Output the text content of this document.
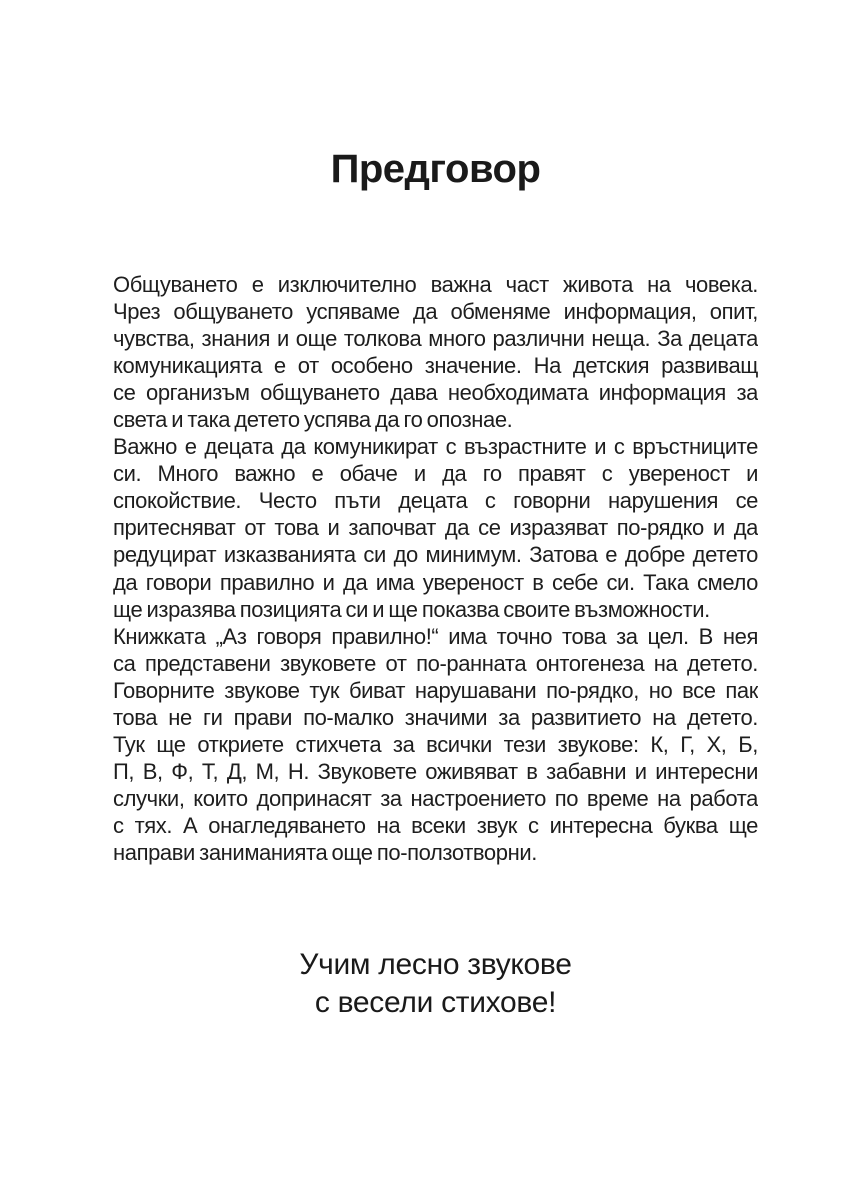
Предговор
Общуването е изключително важна част живота на човека.
Чрез общуването успяваме да обменяме информация, опит,
чувства, знания и още толкова много различни неща. За децата
комуникацията е от особено значение. На детския развиващ
се организъм общуването дава необходимата информация за
света и така детето успява да го опознае.
Важно е децата да комуникират с възрастните и с връстниците
си. Много важно е обаче и да го правят с увереност и
спокойствие. Често пъти децата с говорни нарушения се
притесняват от това и започват да се изразяват по-рядко и да
редуцират изказванията си до минимум. Затова е добре детето
да говори правилно и да има увереност в себе си. Така смело
ще изразява позицията си и ще показва своите възможности.
Книжката „Аз говоря правилно!“ има точно това за цел. В нея
са представени звуковете от по-ранната онтогенеза на детето.
Говорните звукове тук биват нарушавани по-рядко, но все пак
това не ги прави по-малко значими за развитието на детето.
Тук ще откриете стихчета за всички тези звукове: К, Г, Х, Б,
П, В, Ф, Т, Д, М, Н. Звуковете оживяват в забавни и интересни
случки, които допринасят за настроението по време на работа
с тях. А онагледяването на всеки звук с интересна буква ще
направи заниманията още по-ползотворни.
Учим лесно звукове
с весели стихове!
